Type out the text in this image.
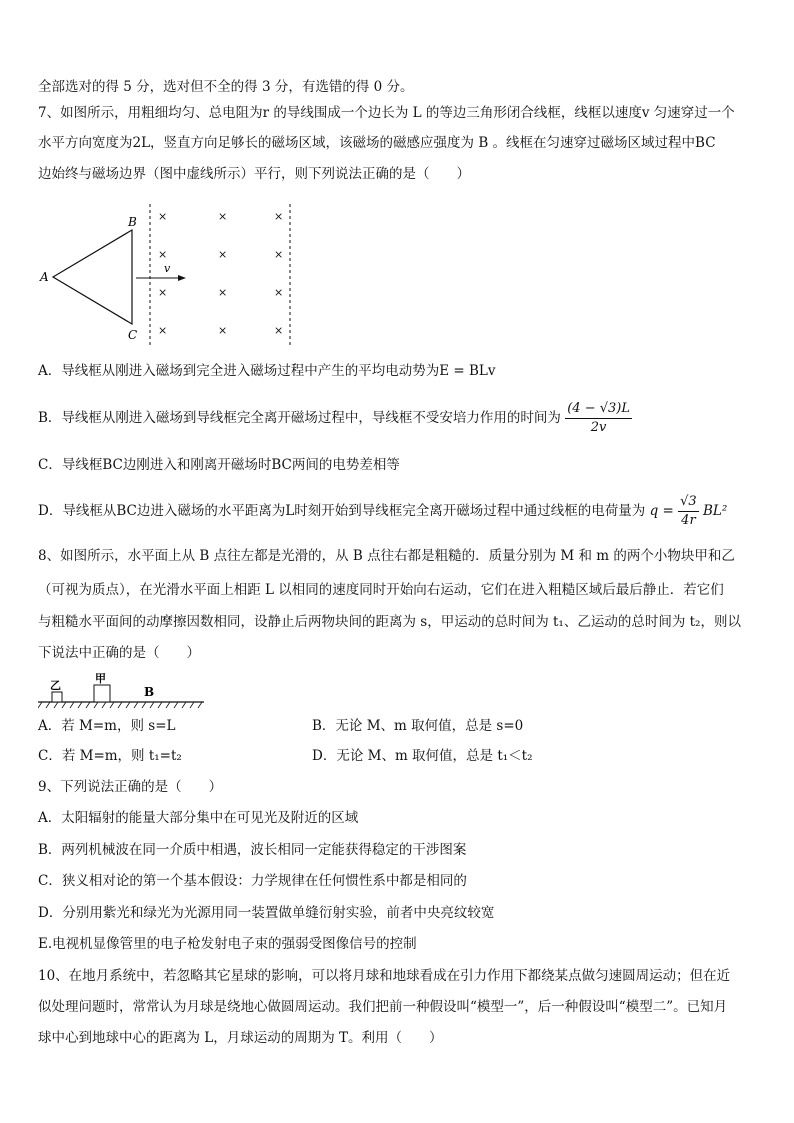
全部选对的得 5 分，选对但不全的得 3 分，有选错的得 0 分。
7、如图所示，用粗细均匀、总电阻为r 的导线围成一个边长为 L 的等边三角形闭合线框，线框以速度v 匀速穿过一个
水平方向宽度为2L，竖直方向足够长的磁场区域，该磁场的磁感应强度为 B 。线框在匀速穿过磁场区域过程中BC
边始终与磁场边界（图中虚线所示）平行，则下列说法正确的是（　　）
A
B
C
v
×	×	×
×	×	×
×	×	×
×	×	×
A．导线框从刚进入磁场到完全进入磁场过程中产生的平均电动势为E = BLv
B．导线框从刚进入磁场到导线框完全离开磁场过程中，导线框不受安培力作用的时间为 $\frac{(4 - √3)L}{2v}$
C．导线框BC边刚进入和刚离开磁场时BC两间的电势差相等
D．导线框从BC边进入磁场的水平距离为L时刻开始到导线框完全离开磁场过程中通过线框的电荷量为 $q = \frac{√3}{4r} BL^2$
8、如图所示，水平面上从 B 点往左都是光滑的，从 B 点往右都是粗糙的．质量分别为 M 和 m 的两个小物块甲和乙
（可视为质点），在光滑水平面上相距 L 以相同的速度同时开始向右运动，它们在进入粗糙区域后最后静止．若它们
与粗糙水平面间的动摩擦因数相同，设静止后两物块间的距离为 s，甲运动的总时间为 t₁、乙运动的总时间为 t₂，则以
下说法中正确的是（　　）
乙
甲
B
A．若 M=m，则 s=L	B．无论 M、m 取何值，总是 s=0
C．若 M=m，则 t₁=t₂	D．无论 M、m 取何值，总是 t₁＜t₂
9、下列说法正确的是（　　）
A．太阳辐射的能量大部分集中在可见光及附近的区域
B．两列机械波在同一介质中相遇，波长相同一定能获得稳定的干涉图案
C．狭义相对论的第一个基本假设：力学规律在任何惯性系中都是相同的
D．分别用紫光和绿光为光源用同一装置做单缝衍射实验，前者中央亮纹较宽
E.电视机显像管里的电子枪发射电子束的强弱受图像信号的控制
10、在地月系统中，若忽略其它星球的影响，可以将月球和地球看成在引力作用下都绕某点做匀速圆周运动；但在近
似处理问题时，常常认为月球是绕地心做圆周运动。我们把前一种假设叫“模型一”，后一种假设叫“模型二”。已知月
球中心到地球中心的距离为 L，月球运动的周期为 T。利用（　　）
